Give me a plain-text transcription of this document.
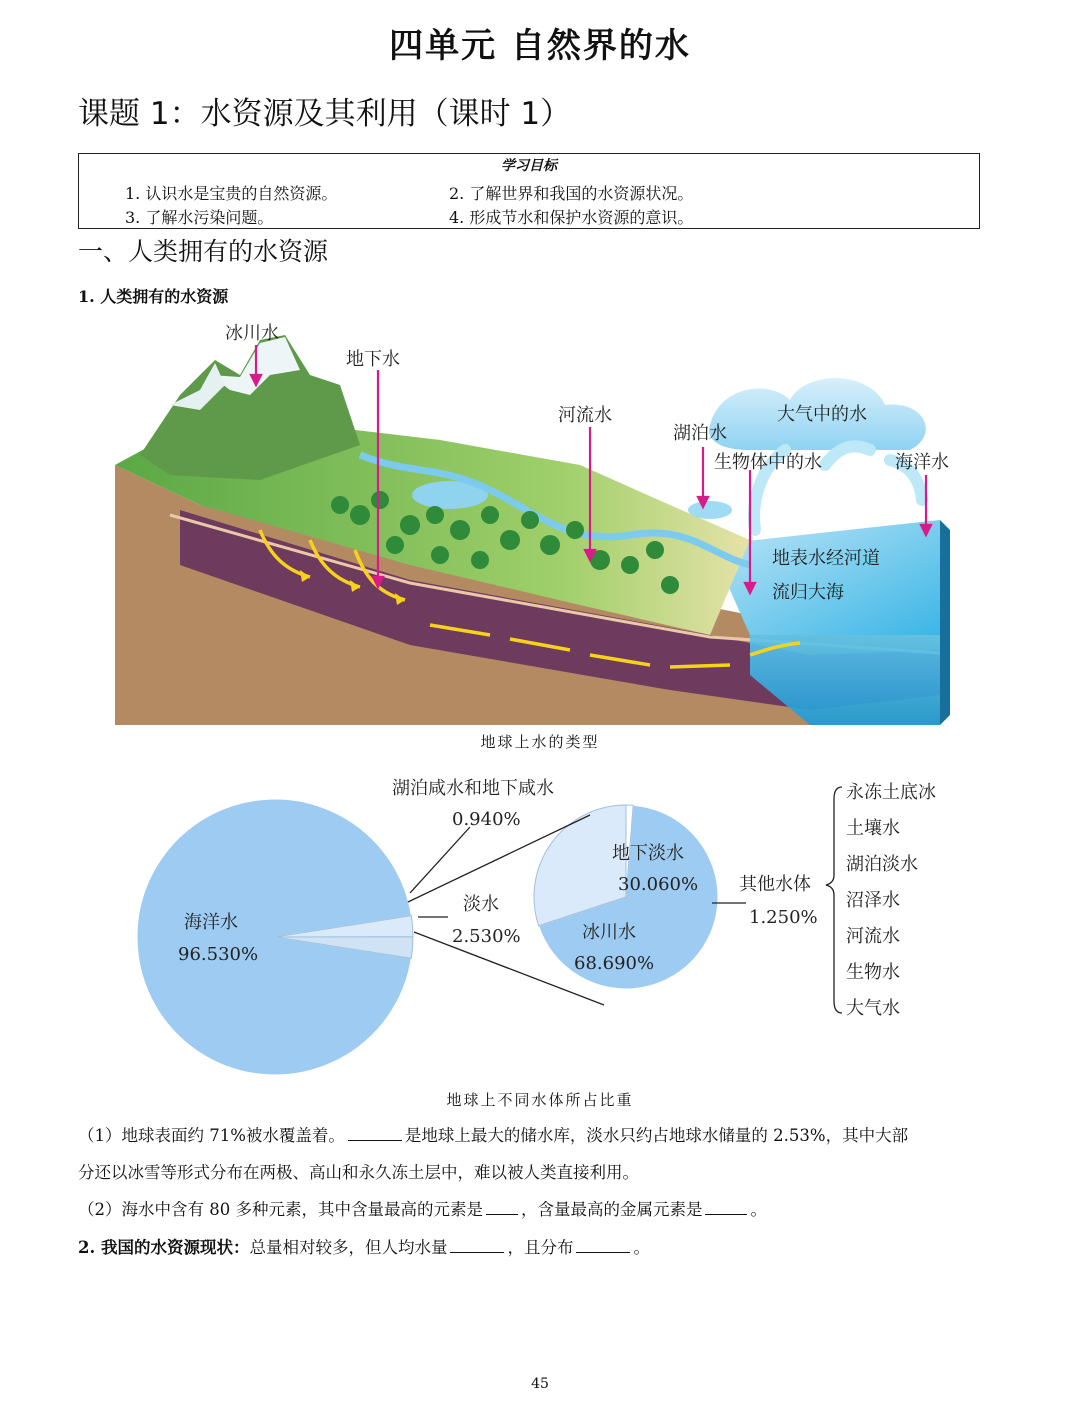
四单元 自然界的水
课题 1：水资源及其利用（课时 1）
学习目标
1. 认识水是宝贵的自然资源。	2. 了解世界和我国的水资源状况。
3. 了解水污染问题。	4. 形成节水和保护水资源的意识。
一、人类拥有的水资源
1. 人类拥有的水资源
冰川水
地下水
河流水
湖泊水
大气中的水
生物体中的水	海洋水
地表水经河道
流归大海
地球上水的类型
湖泊咸水和地下咸水
0.940%
海洋水
96.530%
淡水
2.530%
地下淡水
30.060%
冰川水
68.690%
其他水体
1.250%
永冻土底冰
土壤水
湖泊淡水
沼泽水
河流水
生物水
大气水
地球上不同水体所占比重
（1）地球表面约 71%被水覆盖着。	是地球上最大的储水库，淡水只约占地球水储量的 2.53%，其中大部
分还以冰雪等形式分布在两极、高山和永久冻土层中，难以被人类直接利用。
（2）海水中含有 80 多种元素，其中含量最高的元素是 ，含量最高的金属元素是	。
2. 我国的水资源现状：总量相对较多，但人均水量	，且分布	。
45
